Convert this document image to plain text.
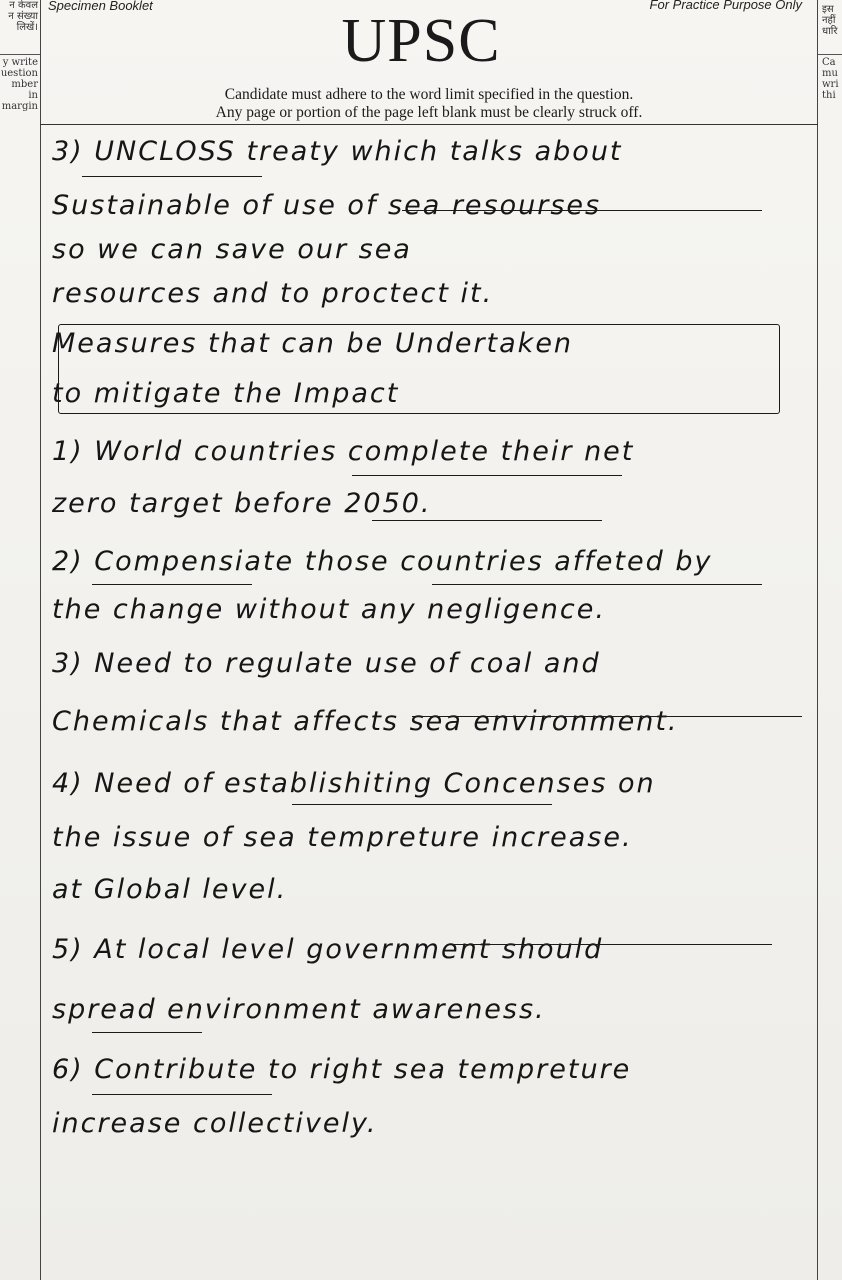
न केवल
न संख्या
लिखें।
y write
uestion
mber in
margin
इस
नहीं
धारि
Ca
mu
wri
thi
Specimen Booklet	For Practice Purpose Only
UPSC
Candidate must adhere to the word limit specified in the question.
Any page or portion of the page left blank must be clearly struck off.
3) UNCLOSS treaty which talks about
Sustainable of use of sea resourses
so we can save our sea
resources and to proctect it.
Measures that can be Undertaken
to mitigate the Impact
1) World countries complete their net
zero target before 2050.
2) Compensiate those countries affeted by
the change without any negligence.
3) Need to regulate use of coal and
Chemicals that affects sea environment.
4) Need of establishiting Concenses on
the issue of sea tempreture increase.
at Global level.
5) At local level government should
spread environment awareness.
6) Contribute to right sea tempreture
increase collectively.
